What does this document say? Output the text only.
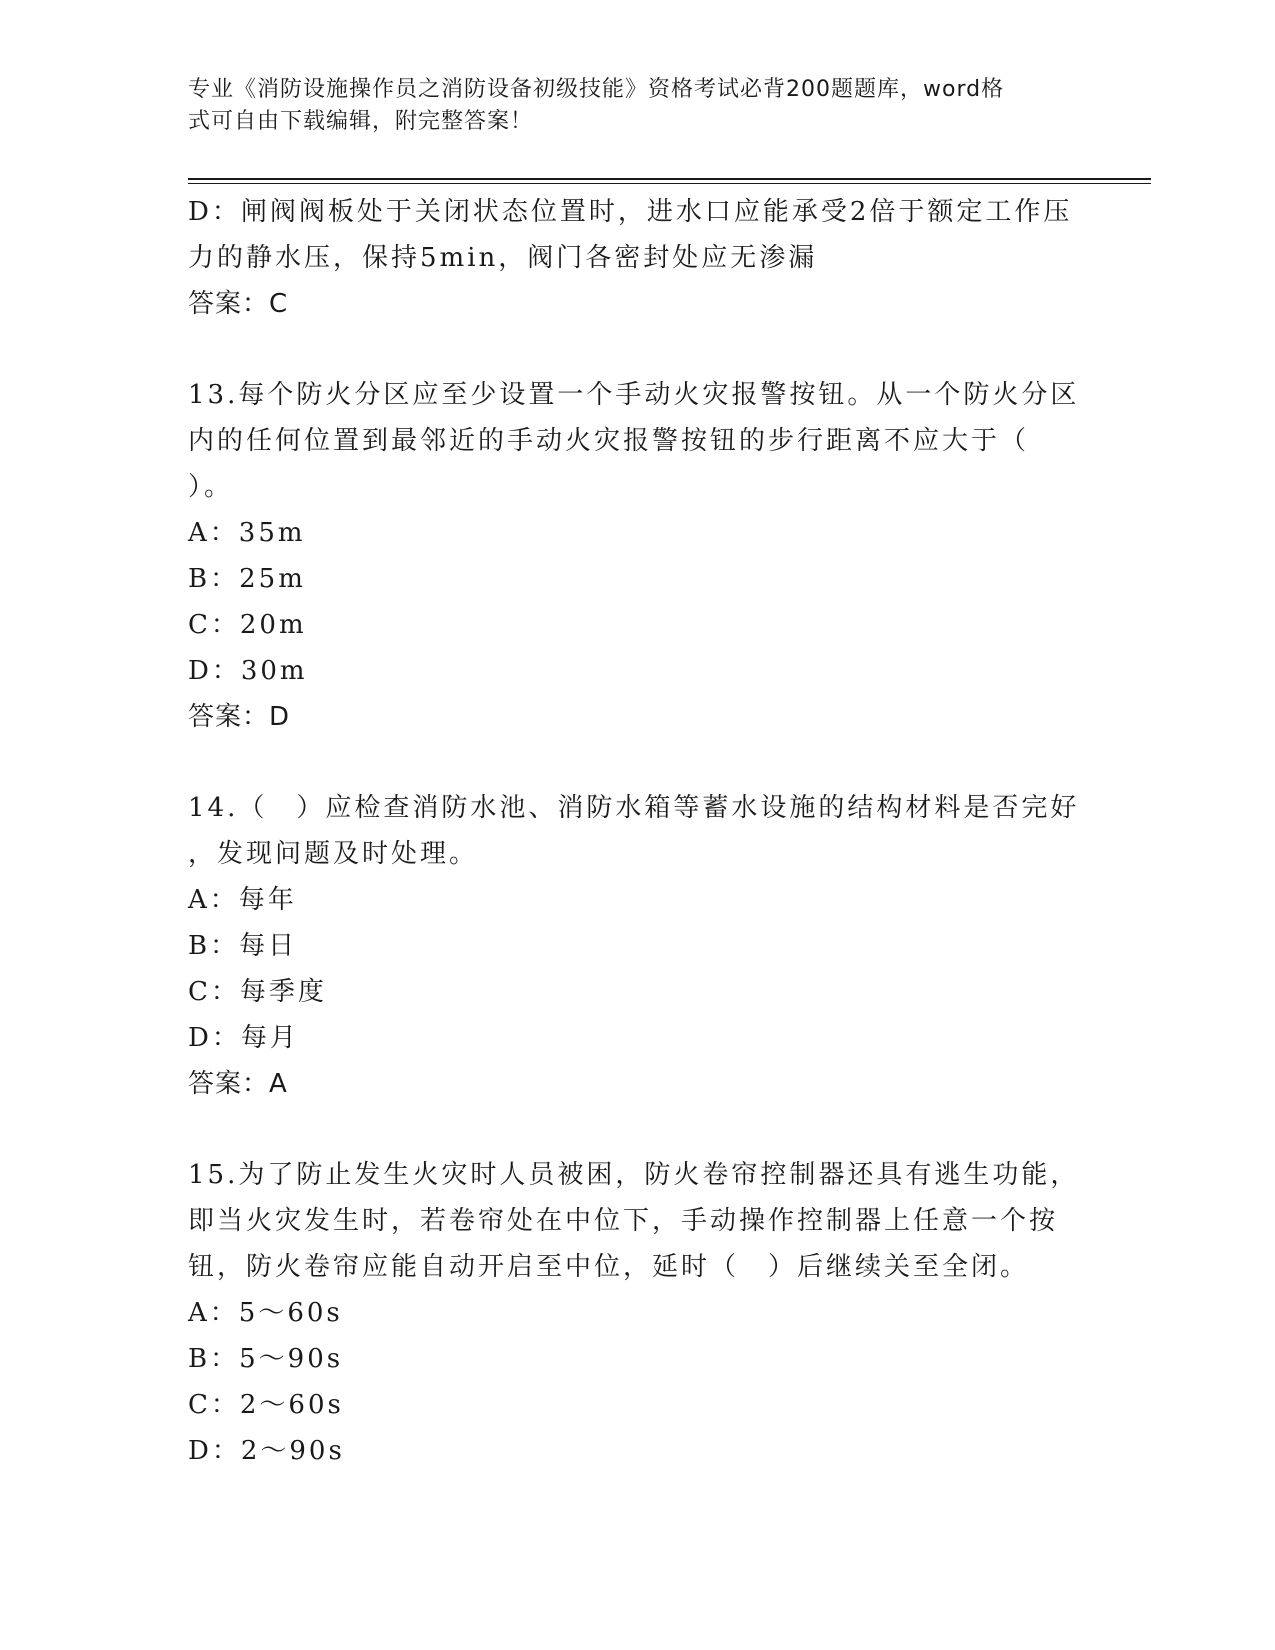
专业《消防设施操作员之消防设备初级技能》资格考试必背200题题库，word格
式可自由下载编辑，附完整答案！
D：闸阀阀板处于关闭状态位置时，进水口应能承受2倍于额定工作压
力的静水压，保持5min，阀门各密封处应无渗漏
答案：C
13.每个防火分区应至少设置一个手动火灾报警按钮。从一个防火分区
内的任何位置到最邻近的手动火灾报警按钮的步行距离不应大于（
）。
A：35m
B：25m
C：20m
D：30m
答案：D
14.（　）应检查消防水池、消防水箱等蓄水设施的结构材料是否完好
，发现问题及时处理。
A：每年
B：每日
C：每季度
D：每月
答案：A
15.为了防止发生火灾时人员被困，防火卷帘控制器还具有逃生功能，
即当火灾发生时，若卷帘处在中位下，手动操作控制器上任意一个按
钮，防火卷帘应能自动开启至中位，延时（　）后继续关至全闭。
A：5～60s
B：5～90s
C：2～60s
D：2～90s
